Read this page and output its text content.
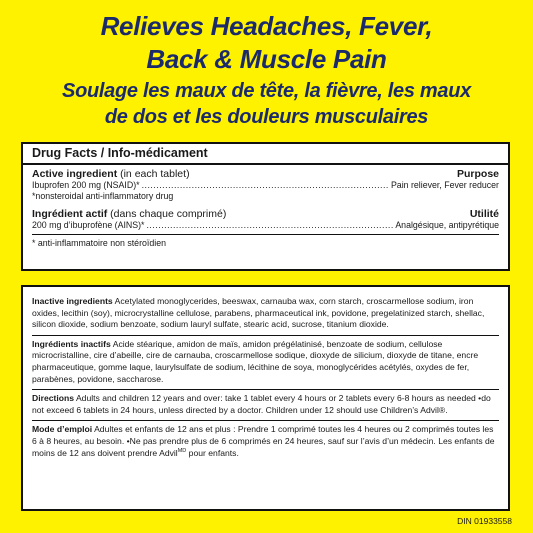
Relieves Headaches, Fever,
Back & Muscle Pain
Soulage les maux de tête, la fièvre, les maux
de dos et les douleurs musculaires
Drug Facts / Info-médicament
Active ingredient (in each tablet)	Purpose
Ibuprofen 200 mg (NSAID)* .....	Pain reliever, Fever reducer
*nonsteroidal anti-inflammatory drug
Ingrédient actif (dans chaque comprimé)	Utilité
200 mg d’ibuprofène (AINS)* .....	Analgésique, antipyrétique
* anti-inflammatoire non stéroïdien

Inactive ingredients Acetylated monoglycerides, beeswax, carnauba wax, corn starch, croscarmellose sodium, iron oxides, lecithin (soy), microcrystalline cellulose, parabens, pharmaceutical ink, povidone, pregelatinized starch, shellac, silicon dioxide, sodium benzoate, sodium lauryl sulfate, stearic acid, sucrose, titanium dioxide.

Ingrédients inactifs Acide stéarique, amidon de maïs, amidon prégélatinisé, benzoate de sodium, cellulose microcristalline, cire d’abeille, cire de carnauba, croscarmellose sodique, dioxyde de silicium, dioxyde de titane, encre pharmaceutique, gomme laque, laurylsulfate de sodium, lécithine de soya, monoglycérides acétylés, oxydes de fer, parabènes, povidone, saccharose.

Directions Adults and children 12 years and over: take 1 tablet every 4 hours or 2 tablets every 6-8 hours as needed •do not exceed 6 tablets in 24 hours, unless directed by a doctor. Children under 12 should use Children’s Advil®.

Mode d’emploi Adultes et enfants de 12 ans et plus : Prendre 1 comprimé toutes les 4 heures ou 2 comprimés toutes les 6 à 8 heures, au besoin. •Ne pas prendre plus de 6 comprimés en 24 heures, sauf sur l’avis d’un médecin. Les enfants de moins de 12 ans doivent prendre Advil$^{MD}$ pour enfants.

DIN 01933558
